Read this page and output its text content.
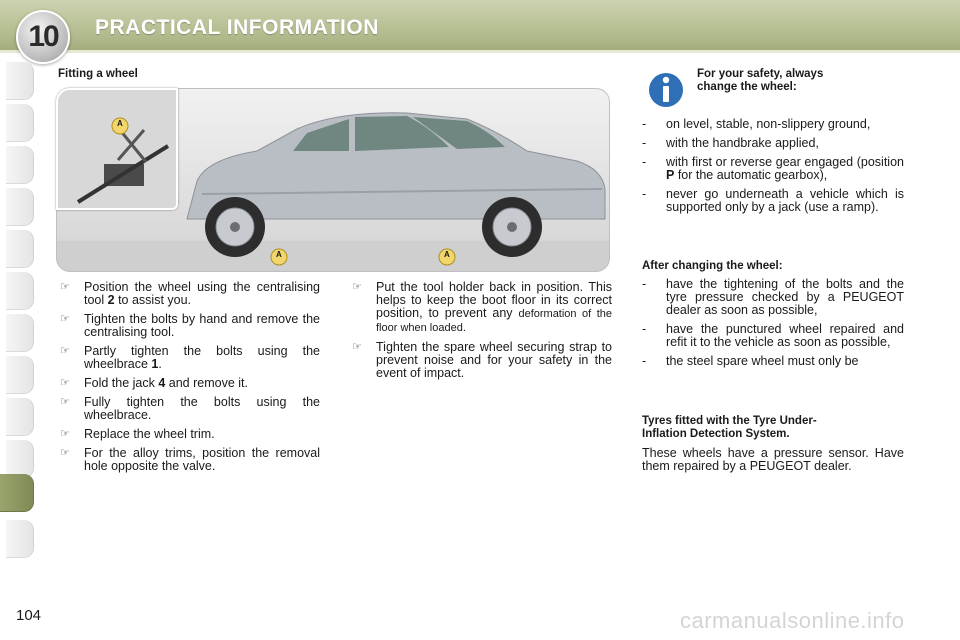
10 PRACTICAL INFORMATION
Fitting a wheel
A	A
A
☞ Position the wheel using the centralising tool 2 to assist you.
☞ Tighten the bolts by hand and remove the centralising tool.
☞ Partly tighten the bolts using the wheelbrace 1.
☞ Fold the jack 4 and remove it.
☞ Fully tighten the bolts using the wheelbrace.
☞ Replace the wheel trim.
☞ For the alloy trims, position the removal hole opposite the valve.
☞ Put the tool holder back in position. This helps to keep the boot floor in its correct position, to prevent any deformation of the floor when loaded.
☞ Tighten the spare wheel securing strap to prevent noise and for your safety in the event of impact.
For your safety, always
change the wheel:
- on level, stable, non-slippery ground,
- with the handbrake applied,
- with first or reverse gear engaged (position P for the automatic gearbox),
- never go underneath a vehicle which is supported only by a jack (use a ramp).
After changing the wheel:
- have the tightening of the bolts and the tyre pressure checked by a PEUGEOT dealer as soon as possible,
- have the punctured wheel repaired and refit it to the vehicle as soon as possible,
- the steel spare wheel must only be
Tyres fitted with the Tyre Under-
Inflation Detection System.

These wheels have a pressure sensor. Have them repaired by a PEUGEOT dealer.

104	carmanualsonline.info
